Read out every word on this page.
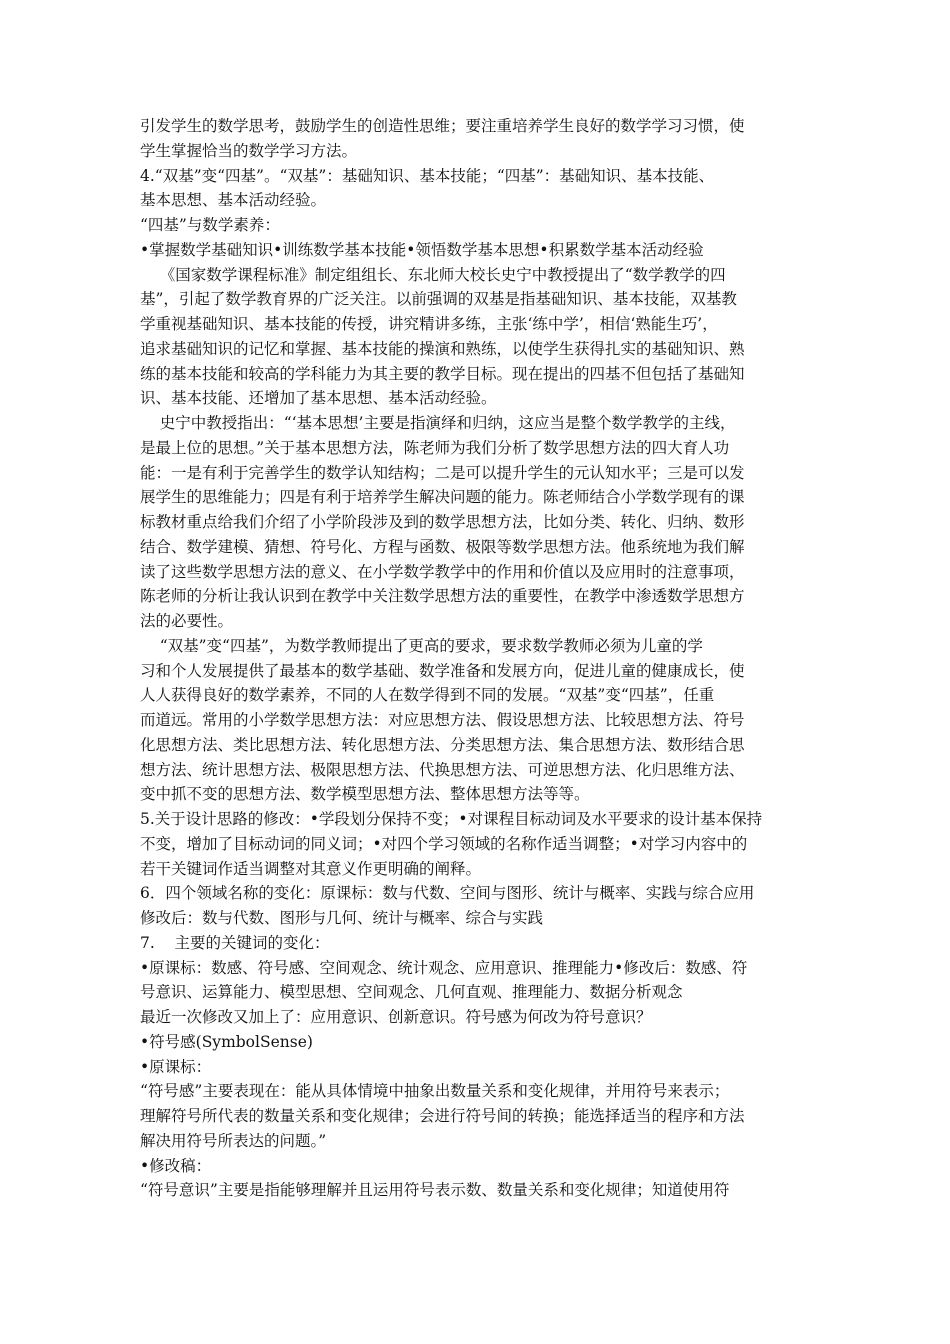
引发学生的数学思考，鼓励学生的创造性思维；要注重培养学生良好的数学学习习惯，使
学生掌握恰当的数学学习方法。
4.“双基”变“四基”。“双基”：基础知识、基本技能；“四基”：基础知识、基本技能、
基本思想、基本活动经验。
“四基”与数学素养：
•掌握数学基础知识•训练数学基本技能•领悟数学基本思想•积累数学基本活动经验
《国家数学课程标准》制定组组长、东北师大校长史宁中教授提出了“数学教学的四
基”，引起了数学教育界的广泛关注。以前强调的双基是指基础知识、基本技能，双基教
学重视基础知识、基本技能的传授，讲究精讲多练，主张‘练中学’，相信‘熟能生巧’，
追求基础知识的记忆和掌握、基本技能的操演和熟练，以使学生获得扎实的基础知识、熟
练的基本技能和较高的学科能力为其主要的教学目标。现在提出的四基不但包括了基础知
识、基本技能、还增加了基本思想、基本活动经验。
史宁中教授指出：“‘基本思想’主要是指演绎和归纳，这应当是整个数学教学的主线，
是最上位的思想。”关于基本思想方法，陈老师为我们分析了数学思想方法的四大育人功
能：一是有利于完善学生的数学认知结构；二是可以提升学生的元认知水平；三是可以发
展学生的思维能力；四是有利于培养学生解决问题的能力。陈老师结合小学数学现有的课
标教材重点给我们介绍了小学阶段涉及到的数学思想方法，比如分类、转化、归纳、数形
结合、数学建模、猜想、符号化、方程与函数、极限等数学思想方法。他系统地为我们解
读了这些数学思想方法的意义、在小学数学教学中的作用和价值以及应用时的注意事项，
陈老师的分析让我认识到在教学中关注数学思想方法的重要性，在教学中渗透数学思想方
法的必要性。
“双基”变“四基”，为数学教师提出了更高的要求，要求数学教师必须为儿童的学
习和个人发展提供了最基本的数学基础、数学准备和发展方向，促进儿童的健康成长，使
人人获得良好的数学素养，不同的人在数学得到不同的发展。“双基”变“四基”，任重
而道远。常用的小学数学思想方法：对应思想方法、假设思想方法、比较思想方法、符号
化思想方法、类比思想方法、转化思想方法、分类思想方法、集合思想方法、数形结合思
想方法、统计思想方法、极限思想方法、代换思想方法、可逆思想方法、化归思维方法、
变中抓不变的思想方法、数学模型思想方法、整体思想方法等等。
5.关于设计思路的修改：•学段划分保持不变；•对课程目标动词及水平要求的设计基本保持
不变，增加了目标动词的同义词；•对四个学习领域的名称作适当调整；•对学习内容中的
若干关键词作适当调整对其意义作更明确的阐释。
6．四个领域名称的变化：原课标：数与代数、空间与图形、统计与概率、实践与综合应用
修改后：数与代数、图形与几何、统计与概率、综合与实践
7.    主要的关键词的变化：
•原课标：数感、符号感、空间观念、统计观念、应用意识、推理能力•修改后：数感、符
号意识、运算能力、模型思想、空间观念、几何直观、推理能力、数据分析观念
最近一次修改又加上了：应用意识、创新意识。符号感为何改为符号意识？
•符号感(SymbolSense)
•原课标：
“符号感”主要表现在：能从具体情境中抽象出数量关系和变化规律，并用符号来表示；
理解符号所代表的数量关系和变化规律；会进行符号间的转换；能选择适当的程序和方法
解决用符号所表达的问题。”
•修改稿：
“符号意识”主要是指能够理解并且运用符号表示数、数量关系和变化规律；知道使用符
